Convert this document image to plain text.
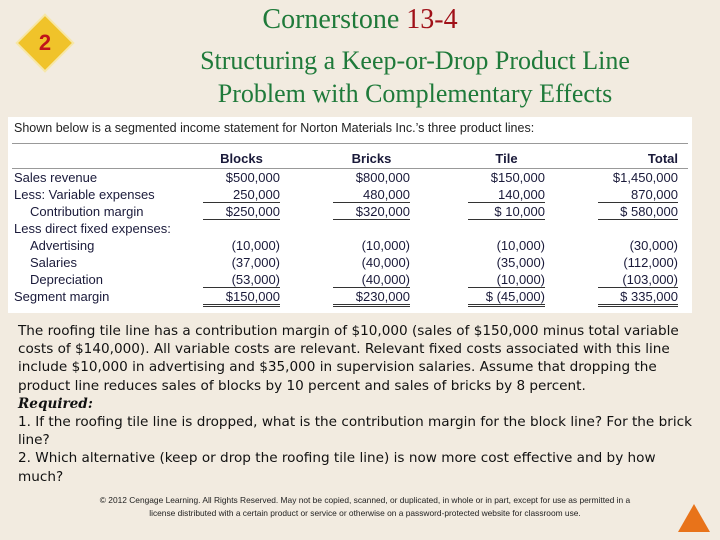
2
Cornerstone 13-4
Structuring a Keep-or-Drop Product Line
Problem with Complementary Effects
Shown below is a segmented income statement for Norton Materials Inc.’s three product lines:
Blocks	Bricks	Tile	Total
Sales revenue	$500,000	$800,000	$150,000	$1,450,000
Less: Variable expenses	250,000	480,000	140,000	870,000
Contribution margin	$250,000	$320,000	$ 10,000	$ 580,000
Less direct fixed expenses:
Advertising	(10,000)	(10,000)	(10,000)	(30,000)
Salaries	(37,000)	(40,000)	(35,000)	(112,000)
Depreciation	(53,000)	(40,000)	(10,000)	(103,000)
Segment margin	$150,000	$230,000	$ (45,000)	$ 335,000

The roofing tile line has a contribution margin of $10,000 (sales of $150,000 minus total variable costs of $140,000). All variable costs are relevant. Relevant fixed costs associated with this line include $10,000 in advertising and $35,000 in supervision salaries. Assume that dropping the product line reduces sales of blocks by 10 percent and sales of bricks by 8 percent.

Required:

1. If the roofing tile line is dropped, what is the contribution margin for the block line? For the brick line?

2. Which alternative (keep or drop the roofing tile line) is now more cost effective and by how much?

© 2012 Cengage Learning. All Rights Reserved. May not be copied, scanned, or duplicated, in whole or in part, except for use as permitted in a
license distributed with a certain product or service or otherwise on a password-protected website for classroom use.
